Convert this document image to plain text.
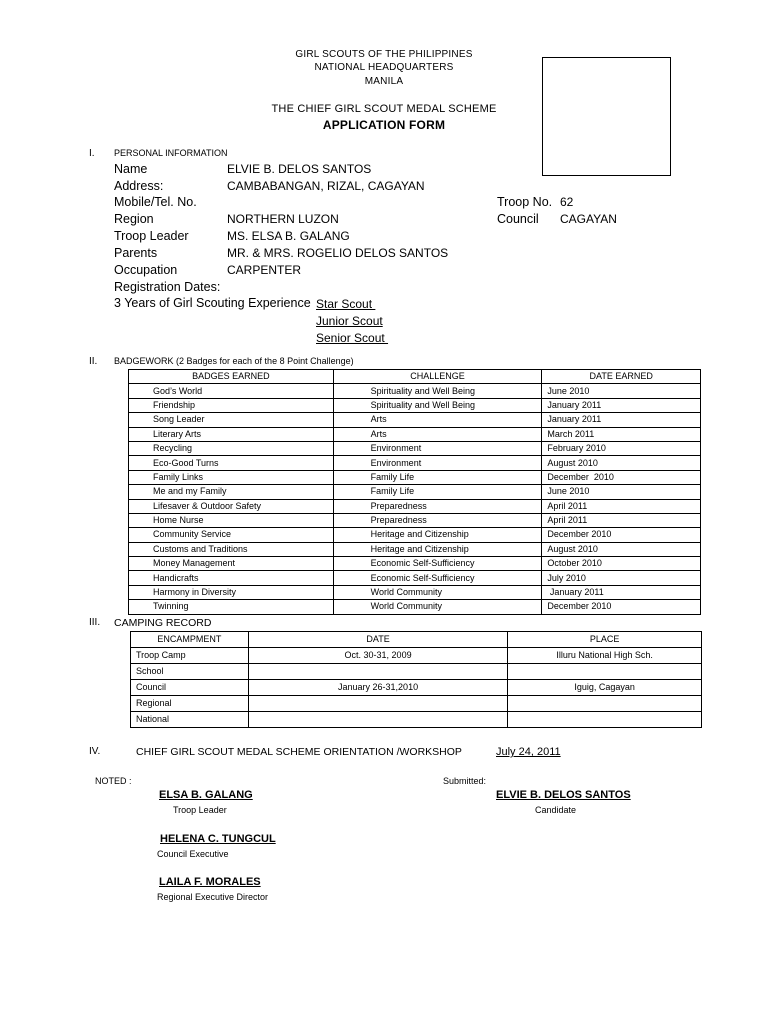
GIRL SCOUTS OF THE PHILIPPINES
NATIONAL HEADQUARTERS
MANILA
THE CHIEF GIRL SCOUT MEDAL SCHEME
APPLICATION FORM
I. PERSONAL INFORMATION
Name	ELVIE B. DELOS SANTOS
Address:	CAMBABANGAN, RIZAL, CAGAYAN
Mobile/Tel. No.	Troop No. 62
Region	NORTHERN LUZON	Council CAGAYAN
Troop Leader	MS. ELSA B. GALANG
Parents	MR. & MRS. ROGELIO DELOS SANTOS
Occupation	CARPENTER
Registration Dates:
3 Years of Girl Scouting Experience Star Scout
Junior Scout
Senior Scout
II. BADGEWORK (2 Badges for each of the 8 Point Challenge)
BADGES EARNED	CHALLENGE	DATE EARNED
God’s World	Spirituality and Well Being	June 2010
Friendship	Spirituality and Well Being	January 2011
Song Leader	Arts	January 2011
Literary Arts	Arts	March 2011
Recycling	Environment	February 2010
Eco-Good Turns	Environment	August 2010
Family Links	Family Life	December  2010
Me and my Family	Family Life	June 2010
Lifesaver & Outdoor Safety	Preparedness	April 2011
Home Nurse	Preparedness	April 2011
Community Service	Heritage and Citizenship	December 2010
Customs and Traditions	Heritage and Citizenship	August 2010
Money Management	Economic Self-Sufficiency	October 2010
Handicrafts	Economic Self-Sufficiency	July 2010
Harmony in Diversity	World Community	January 2011
Twinning	World Community	December 2010
III. CAMPING RECORD
ENCAMPMENT	DATE	PLACE
Troop Camp	Oct. 30-31, 2009	Illuru National High Sch.
School		
Council	January 26-31,2010	Iguig, Cagayan
Regional		
National		
IV.	CHIEF GIRL SCOUT MEDAL SCHEME ORIENTATION /WORKSHOP	July 24, 2011
NOTED :	Submitted:
ELSA B. GALANG
Troop Leader
ELVIE B. DELOS SANTOS
Candidate
HELENA C. TUNGCUL
Council Executive
LAILA F. MORALES
Regional Executive Director
